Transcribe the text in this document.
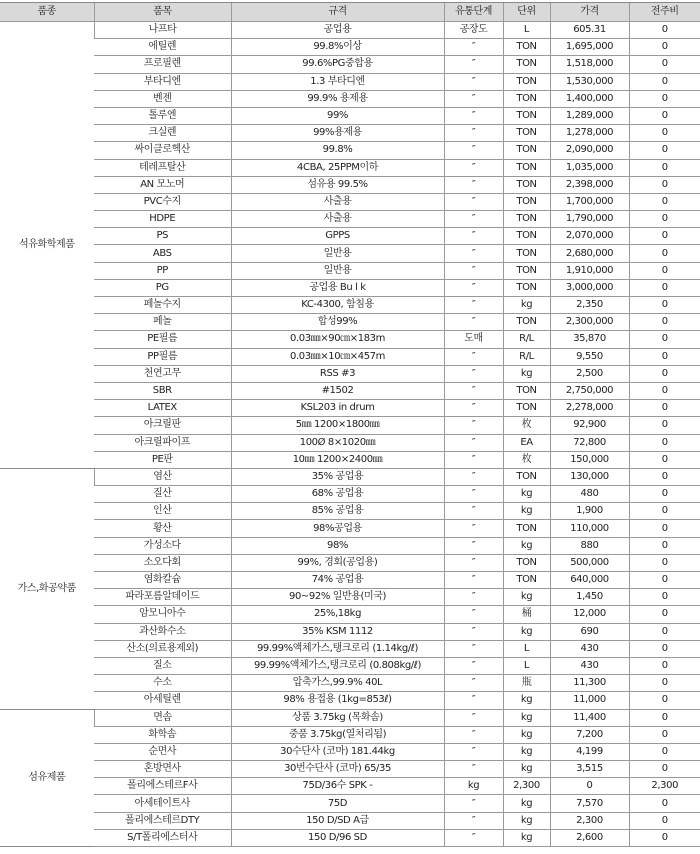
품종	품목	규격	유통단계	단위	가격	전주비
석유화학제품	나프타	공업용	공장도	L	605.31	0
	에틸렌	99.8%이상	″	TON	1,695,000	0
	프로필렌	99.6%PG중합용	″	TON	1,518,000	0
	부타디엔	1.3 부타디엔	″	TON	1,530,000	0
	벤젠	99.9% 용제용	″	TON	1,400,000	0
	톨루엔	99%	″	TON	1,289,000	0
	크실렌	99%용제용	″	TON	1,278,000	0
	싸이클로헥산	99.8%	″	TON	2,090,000	0
	테레프탈산	4CBA, 25PPM이하	″	TON	1,035,000	0
	AN 모노머	섬유용 99.5%	″	TON	2,398,000	0
	PVC수지	사출용	″	TON	1,700,000	0
	HDPE	사출용	″	TON	1,790,000	0
	PS	GPPS	″	TON	2,070,000	0
	ABS	일반용	″	TON	2,680,000	0
	PP	일반용	″	TON	1,910,000	0
	PG	공업용 Bu l k	″	TON	3,000,000	0
	페놀수지	KC-4300, 함침용	″	kg	2,350	0
	페놀	합성99%	″	TON	2,300,000	0
	PE필름	0.03㎜×90㎝×183m	도매	R/L	35,870	0
	PP필름	0.03㎜×10㎝×457m	″	R/L	9,550	0
	천연고무	RSS #3	″	kg	2,500	0
	SBR	#1502	″	TON	2,750,000	0
	LATEX	KSL203 in drum	″	TON	2,278,000	0
	아크릴판	5㎜ 1200×1800㎜	″	枚	92,900	0
	아크릴파이프	100Ø 8×1020㎜	″	EA	72,800	0
	PE판	10㎜ 1200×2400㎜	″	枚	150,000	0
가스,화공약품	염산	35% 공업용	″	TON	130,000	0
	질산	68% 공업용	″	kg	480	0
	인산	85% 공업용	″	kg	1,900	0
	황산	98%공업용	″	TON	110,000	0
	가성소다	98%	″	kg	880	0
	소오다회	99%, 경회(공업용)	″	TON	500,000	0
	염화칼슘	74% 공업용	″	TON	640,000	0
	파라포름알데이드	90~92% 일반용(미국)	″	kg	1,450	0
	암모니아수	25%,18kg	″	桶	12,000	0
	과산화수소	35% KSM 1112	″	kg	690	0
	산소(의료용제외)	99.99%액체가스,탱크로리 (1.14kg/ℓ)	″	L	430	0
	질소	99.99%액체가스,탱크로리 (0.808kg/ℓ)	″	L	430	0
	수소	압축가스,99.9% 40L	″	瓶	11,300	0
	아세틸렌	98% 용접용 (1kg=853ℓ)	″	kg	11,000	0
섬유제품	면솜	상품 3.75kg (목화솜)	″	kg	11,400	0
	화학솜	중품 3.75kg(열처리됨)	″	kg	7,200	0
	순면사	30수단사 (코마) 181.44kg	″	kg	4,199	0
	혼방면사	30번수단사 (코마) 65/35	″	kg	3,515	0
	폴리에스테르F사	75D/36수 SPK -	kg	2,300	0	2,300
	아세테이트사	75D	″	kg	7,570	0
	폴리에스테르DTY	150 D/SD A급	″	kg	2,300	0
	S/T폴리에스터사	150 D/96 SD	″	kg	2,600	0
